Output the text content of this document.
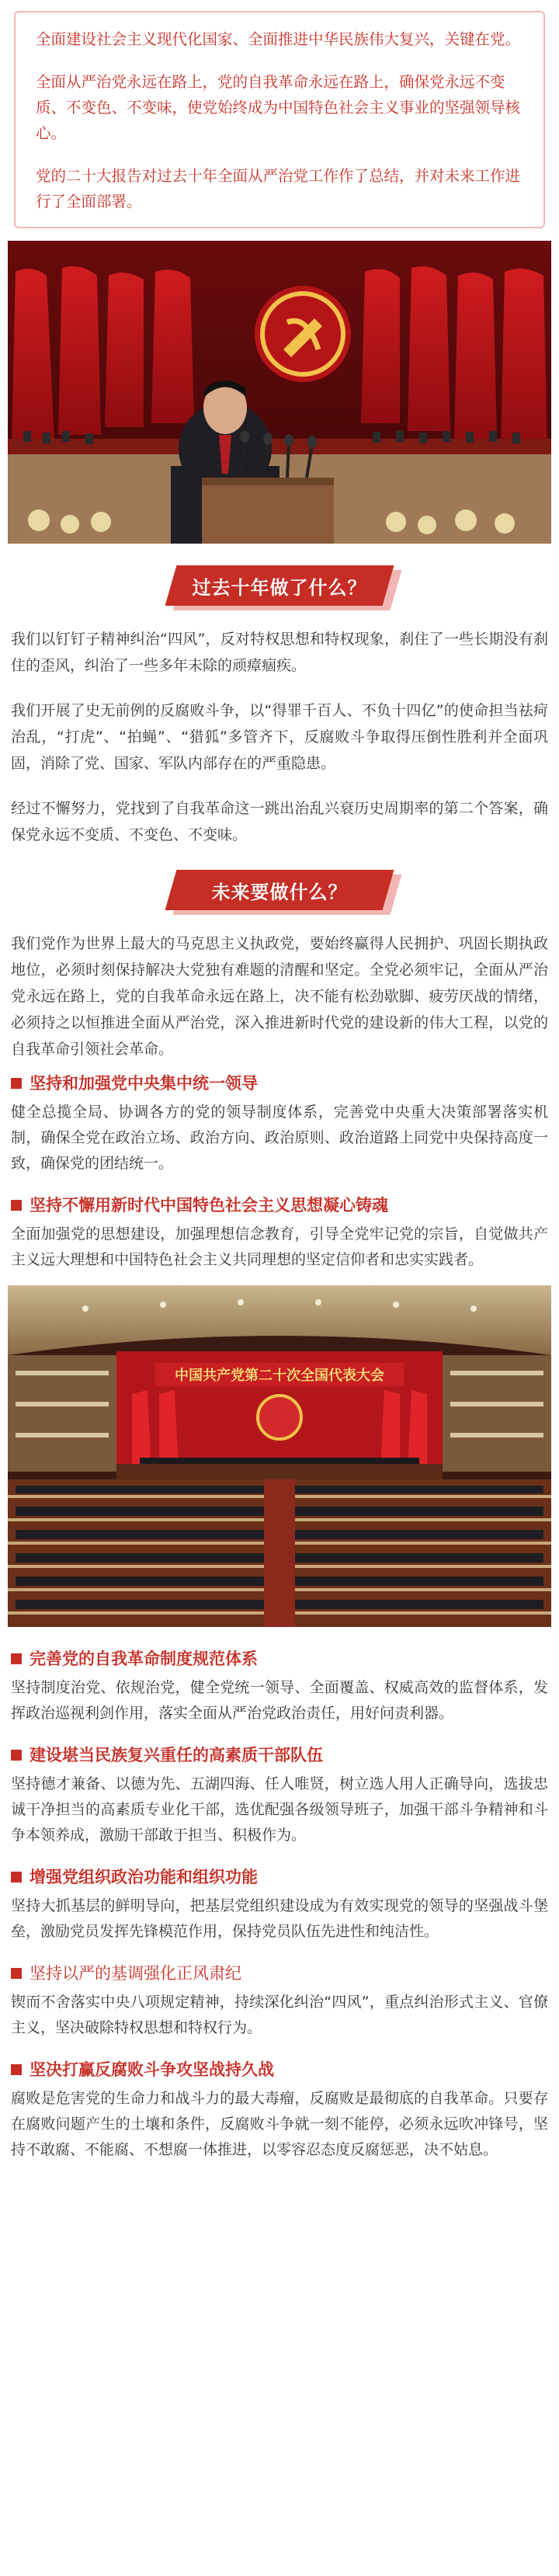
全面建设社会主义现代化国家、全面推进中华民族伟大复兴，关键在党。

全面从严治党永远在路上，党的自我革命永远在路上，确保党永远不变质、不变色、不变味，使党始终成为中国特色社会主义事业的坚强领导核心。

党的二十大报告对过去十年全面从严治党工作作了总结，并对未来工作进行了全面部署。

过去十年做了什么？

我们以钉钉子精神纠治“四风”，反对特权思想和特权现象，刹住了一些长期没有刹住的歪风，纠治了一些多年未除的顽瘴痼疾。

我们开展了史无前例的反腐败斗争，以“得罪千百人、不负十四亿”的使命担当祛疴治乱，“打虎”、“拍蝇”、“猎狐”多管齐下，反腐败斗争取得压倒性胜利并全面巩固，消除了党、国家、军队内部存在的严重隐患。

经过不懈努力，党找到了自我革命这一跳出治乱兴衰历史周期率的第二个答案，确保党永远不变质、不变色、不变味。

未来要做什么？

我们党作为世界上最大的马克思主义执政党，要始终赢得人民拥护、巩固长期执政地位，必须时刻保持解决大党独有难题的清醒和坚定。全党必须牢记，全面从严治党永远在路上，党的自我革命永远在路上，决不能有松劲歇脚、疲劳厌战的情绪，必须持之以恒推进全面从严治党，深入推进新时代党的建设新的伟大工程，以党的自我革命引领社会革命。

坚持和加强党中央集中统一领导

健全总揽全局、协调各方的党的领导制度体系，完善党中央重大决策部署落实机制，确保全党在政治立场、政治方向、政治原则、政治道路上同党中央保持高度一致，确保党的团结统一。

坚持不懈用新时代中国特色社会主义思想凝心铸魂

全面加强党的思想建设，加强理想信念教育，引导全党牢记党的宗旨，自觉做共产主义远大理想和中国特色社会主义共同理想的坚定信仰者和忠实实践者。

中国共产党第二十次全国代表大会
完善党的自我革命制度规范体系

坚持制度治党、依规治党，健全党统一领导、全面覆盖、权威高效的监督体系，发挥政治巡视利剑作用，落实全面从严治党政治责任，用好问责利器。

建设堪当民族复兴重任的高素质干部队伍

坚持德才兼备、以德为先、五湖四海、任人唯贤，树立选人用人正确导向，选拔忠诚干净担当的高素质专业化干部，选优配强各级领导班子，加强干部斗争精神和斗争本领养成，激励干部敢于担当、积极作为。

增强党组织政治功能和组织功能

坚持大抓基层的鲜明导向，把基层党组织建设成为有效实现党的领导的坚强战斗堡垒，激励党员发挥先锋模范作用，保持党员队伍先进性和纯洁性。

坚持以严的基调强化正风肃纪

锲而不舍落实中央八项规定精神，持续深化纠治“四风”，重点纠治形式主义、官僚主义，坚决破除特权思想和特权行为。

坚决打赢反腐败斗争攻坚战持久战

腐败是危害党的生命力和战斗力的最大毒瘤，反腐败是最彻底的自我革命。只要存在腐败问题产生的土壤和条件，反腐败斗争就一刻不能停，必须永远吹冲锋号，坚持不敢腐、不能腐、不想腐一体推进，以零容忍态度反腐惩恶，决不姑息。
